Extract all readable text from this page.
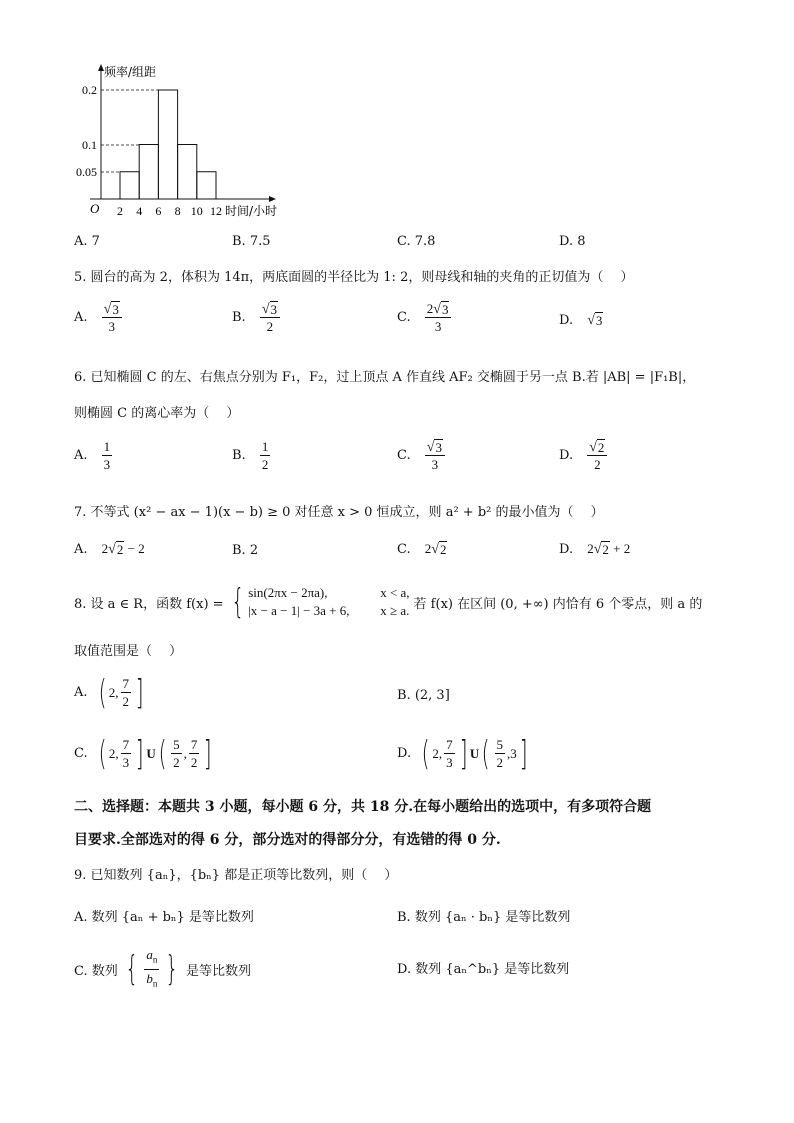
频率/组距
0.2
0.1
0.05
O 2 4 6 8 10 12 时间/小时
A. 7	B. 7.5	C. 7.8	D. 8
5. 圆台的高为 2，体积为 14π，两底面圆的半径比为 1: 2，则母线和轴的夹角的正切值为（　 ）
A. $\frac{√ 3}{3}$	B. $\frac{√ 3}{2}$	C. $\frac{2 √ 3}{3}$	D. √ 3
6. 已知椭圆 C 的左、右焦点分别为 F₁，F₂，过上顶点 A 作直线 AF₂ 交椭圆于另一点 B.若 |AB| = |F₁B|，
则椭圆 C 的离心率为（　 ）
A. $\frac{1}{3}$	B. $\frac{1}{2}$	C. $\frac{√ 3}{3}$	D. $\frac{√ 2}{2}$
7. 不等式 (x² − ax − 1)(x − b) ≥ 0 对任意 x > 0 恒成立，则 a² + b² 的最小值为（　 ）
A. 2 √ 2 − 2	B. 2	C. 2 √ 2	D. 2 √ 2 + 2
8. 设 a ∈ R，函数 f(x) = { sin(2πx − 2πa),	x < a,
|x − a − 1| − 3a + 6, x ≥ a. 若 f(x) 在区间 (0, +∞) 内恰有 6 个零点，则 a 的
取值范围是（　 ）
A. ( 2, $\frac{7}{2}$ ]	B. (2, 3]
C. ( 2, $\frac{7}{3}$ ] U ( $\frac{5}{2}$ , $\frac{7}{2}$ ]	D. ( 2, $\frac{7}{3}$ ] U ( $\frac{5}{2} ,3$ ]
二、选择题：本题共 3 小题，每小题 6 分，共 18 分.在每小题给出的选项中，有多项符合题
目要求.全部选对的得 6 分，部分选对的得部分分，有选错的得 0 分.
9. 已知数列 {aₙ}，{bₙ} 都是正项等比数列，则（　 ）
A. 数列 {aₙ + bₙ} 是等比数列	B. 数列 {aₙ · bₙ} 是等比数列
C. 数列 { $\frac{a_n}{b_n}$ } 是等比数列	D. 数列 {aₙ^bₙ} 是等比数列
